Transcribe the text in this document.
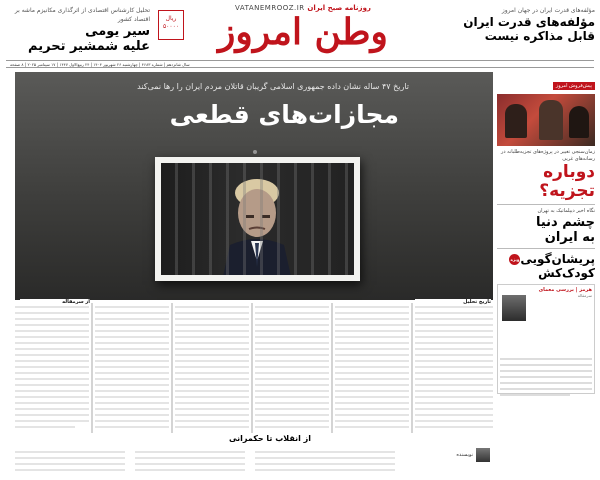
تحلیل کارشناس اقتصادی از اثرگذاری مکانیزم ماشه بر اقتصاد کشور
سیر یومی
علیه شمشیر تحریم
VATANEMROOZ.IR روزنامه صبح ایران
وطن امروز
ریال ۵۰۰۰۰
مؤلفه‌های قدرت ایران در جهان امروز
مؤلفه‌های قدرت ایران
قابل مذاکره نیست
سال شانزدهم | شماره ۴۶۸۳ | چهارشنبه ۲۶ شهریور ۱۴۰۴ | ۲۴ ربیع‌الاول ۱۴۴۷ | ۱۷ سپتامبر ۲۰۲۵ | ۸ صفحه
تاریخ ۴۷ ساله نشان داده جمهوری اسلامی گریبان قاتلان مردم ایران را رها نمی‌کند
مجازات‌های قطعی
پیش‌فروش امروز
زمان‌سنجی تغییر در پروژه‌های تجزیه‌طلبانه در رسانه‌های غربی
دوباره
تجزیه؟
نگاه اخیر دیپلماتیک به تهران
چشم دنیا
به ایران
پریشان‌گوییویژه
کودک‌کش
هرمز | بررسی معمای
سرمقاله
از سرمقاله	تاریخ تحلیل
از انقلاب تا حکمرانی
نویسنده
